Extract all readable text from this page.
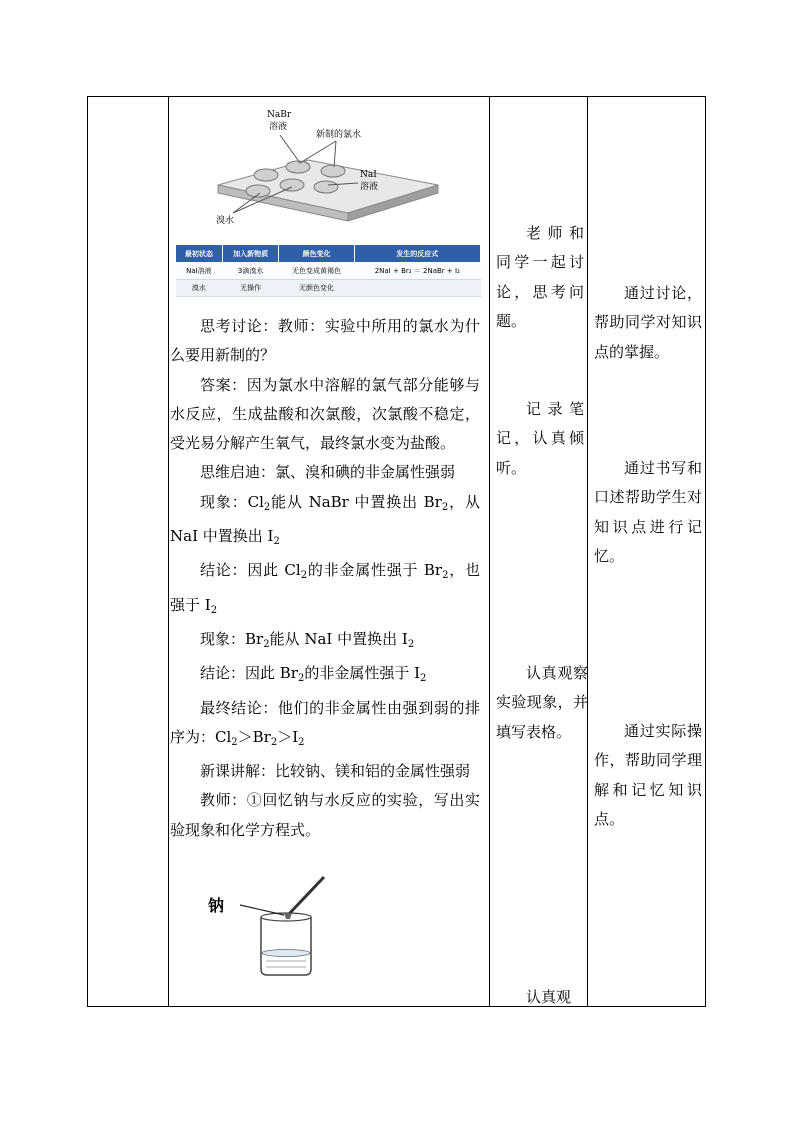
NaBr
溶液
新制的氯水
NaI
溶液
溴水
最初状态	加入新物质	颜色变化	发生的反应式
NaI溶液	3滴溴水	无色变成黄褐色	2NaI + Br₂ ＝ 2NaBr + I₂
溴水	无操作	无颜色变化	

思考讨论：教师：实验中所用的氯水为什么要用新制的？

答案：因为氯水中溶解的氯气部分能够与水反应，生成盐酸和次氯酸，次氯酸不稳定，受光易分解产生氧气，最终氯水变为盐酸。

思维启迪：氯、溴和碘的非金属性强弱

现象：$Cl_2$能从 NaBr 中置换出 $Br_2$，从 NaI 中置换出 $I_2$

结论：因此 $Cl_2$的非金属性强于 $Br_2$，也强于 $I_2$

现象：$Br_2$能从 NaI 中置换出 $I_2$

结论：因此 $Br_2$的非金属性强于 $I_2$

最终结论：他们的非金属性由强到弱的排序为：$Cl_2>Br_2>I_2$

新课讲解：比较钠、镁和铝的金属性强弱

教师：①回忆钠与水反应的实验，写出实验现象和化学方程式。

钠

老师和同学一起讨论，思考问题。

记录笔记，认真倾听。

认真观察实验现象，并填写表格。

认真观

通过讨论，帮助同学对知识点的掌握。

通过书写和口述帮助学生对知识点进行记忆。

通过实际操作，帮助同学理解和记忆知识点。
